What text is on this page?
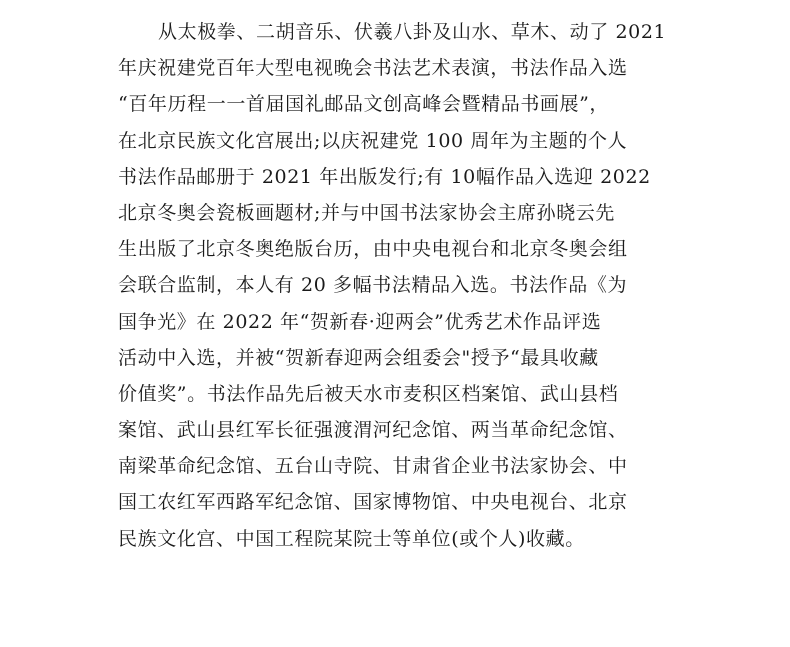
从太极拳、二胡音乐、伏羲八卦及山水、草木、动了 2021
年庆祝建党百年大型电视晚会书法艺术表演，书法作品入选
“百年历程一一首届国礼邮品文创高峰会暨精品书画展”，
在北京民族文化宫展出;以庆祝建党 100 周年为主题的个人
书法作品邮册于 2021 年出版发行;有 10幅作品入选迎 2022
北京冬奥会瓷板画题材;并与中国书法家协会主席孙晓云先
生出版了北京冬奥绝版台历，由中央电视台和北京冬奥会组
会联合监制，本人有 20 多幅书法精品入选。书法作品《为
国争光》在 2022 年“贺新春·迎两会”优秀艺术作品评选
活动中入选，并被“贺新春迎两会组委会"授予“最具收藏
价值奖”。书法作品先后被天水市麦积区档案馆、武山县档
案馆、武山县红军长征强渡渭河纪念馆、两当革命纪念馆、
南梁革命纪念馆、五台山寺院、甘肃省企业书法家协会、中
国工农红军西路军纪念馆、国家博物馆、中央电视台、北京
民族文化宫、中国工程院某院士等单位(或个人)收藏。
